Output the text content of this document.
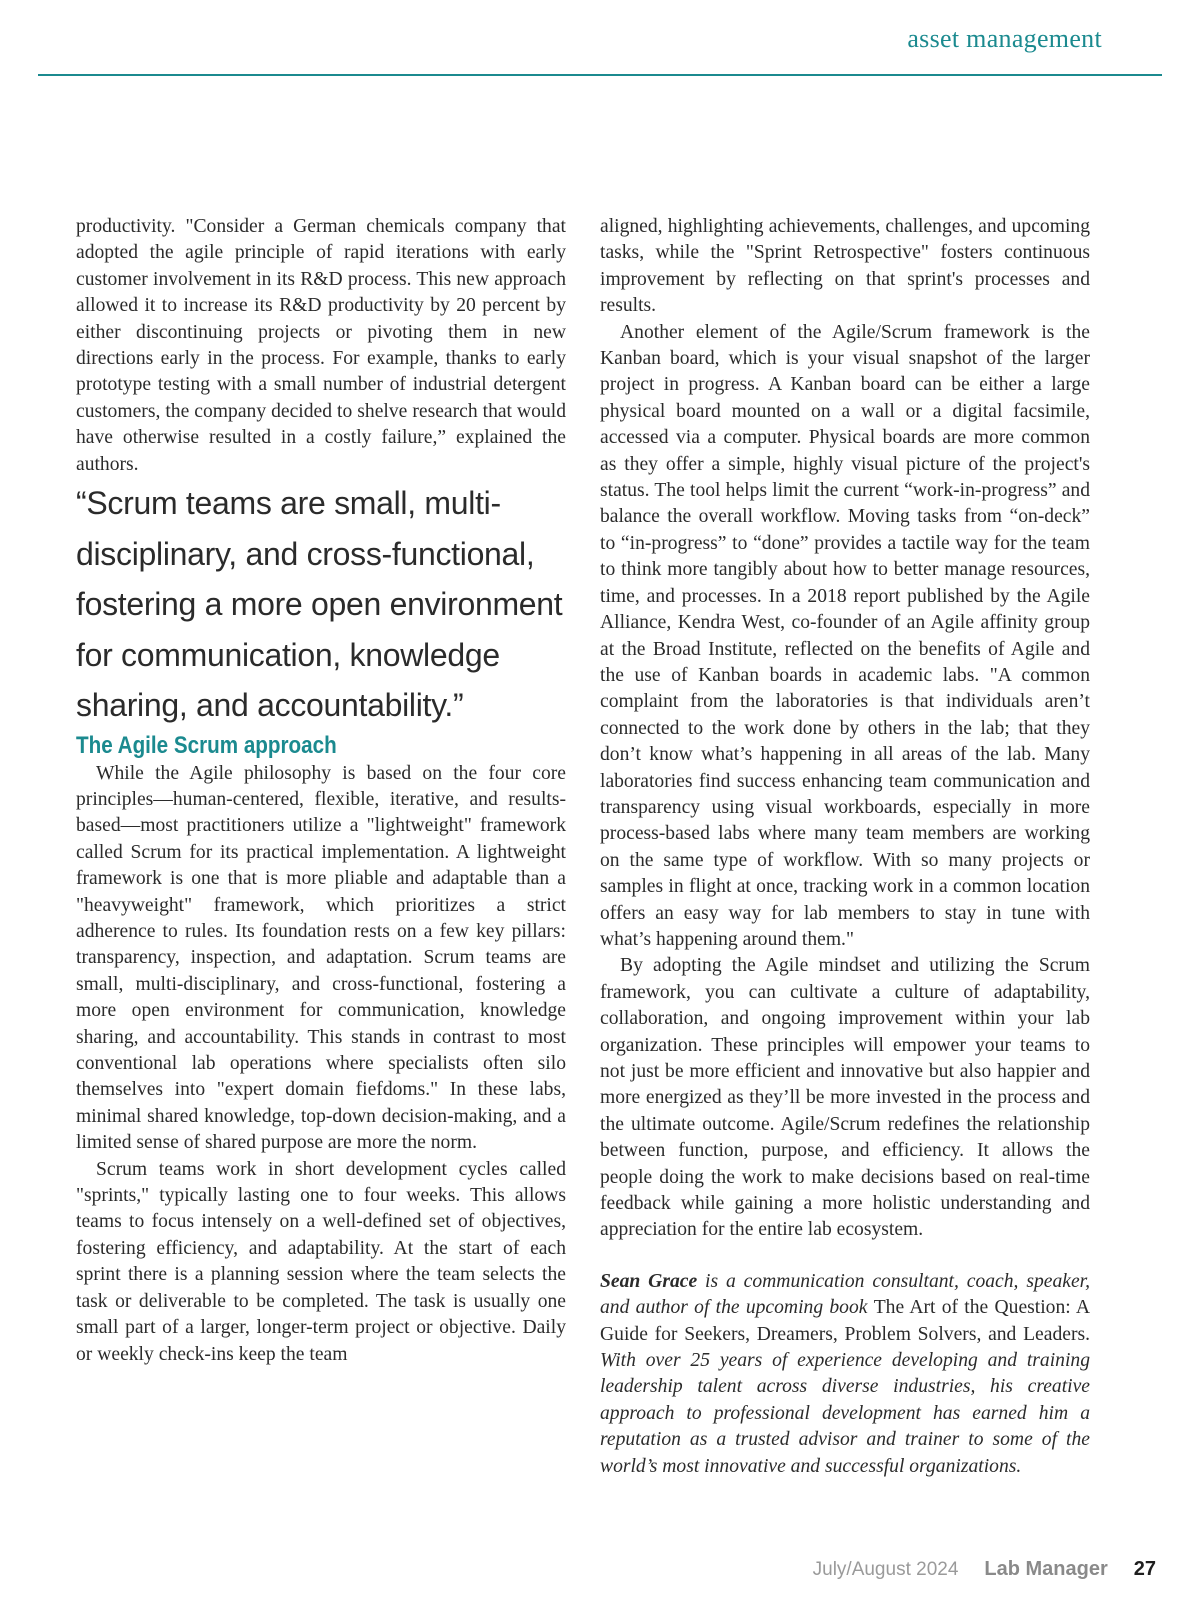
asset management

productivity. "Consider a German chemicals company that adopted the agile principle of rapid iterations with early customer involvement in its R&D process. This new approach allowed it to increase its R&D productivity by 20 percent by either discontinuing projects or pivoting them in new directions early in the process. For example, thanks to early prototype testing with a small number of industrial detergent customers, the company decided to shelve research that would have otherwise resulted in a costly failure,” explained the authors.

“Scrum teams are small, multi-disciplinary, and cross-functional, fostering a more open environment for communication, knowledge sharing, and accountability.”

The Agile Scrum approach

While the Agile philosophy is based on the four core principles—human-centered, flexible, iterative, and results-based—most practitioners utilize a "lightweight" framework called Scrum for its practical implementation. A lightweight framework is one that is more pliable and adaptable than a "heavyweight" framework, which prioritizes a strict adherence to rules. Its foundation rests on a few key pillars: transparency, inspection, and adaptation. Scrum teams are small, multi-disciplinary, and cross-functional, fostering a more open environment for communication, knowledge sharing, and accountability. This stands in contrast to most conventional lab operations where specialists often silo themselves into "expert domain fiefdoms." In these labs, minimal shared knowledge, top-down decision-making, and a limited sense of shared purpose are more the norm.

Scrum teams work in short development cycles called "sprints," typically lasting one to four weeks. This allows teams to focus intensely on a well-defined set of objectives, fostering efficiency, and adaptability. At the start of each sprint there is a planning session where the team selects the task or deliverable to be completed. The task is usually one small part of a larger, longer-term project or objective. Daily or weekly check-ins keep the team

aligned, highlighting achievements, challenges, and upcoming tasks, while the "Sprint Retrospective" fosters continuous improvement by reflecting on that sprint's processes and results.

Another element of the Agile/Scrum framework is the Kanban board, which is your visual snapshot of the larger project in progress. A Kanban board can be either a large physical board mounted on a wall or a digital facsimile, accessed via a computer. Physical boards are more common as they offer a simple, highly visual picture of the project's status. The tool helps limit the current “work-in-progress” and balance the overall workflow. Moving tasks from “on-deck” to “in-progress” to “done” provides a tactile way for the team to think more tangibly about how to better manage resources, time, and processes. In a 2018 report published by the Agile Alliance, Kendra West, co-founder of an Agile affinity group at the Broad Institute, reflected on the benefits of Agile and the use of Kanban boards in academic labs. "A common complaint from the laboratories is that individuals aren’t connected to the work done by others in the lab; that they don’t know what’s happening in all areas of the lab. Many laboratories find success enhancing team communication and transparency using visual workboards, especially in more process-based labs where many team members are working on the same type of workflow. With so many projects or samples in flight at once, tracking work in a common location offers an easy way for lab members to stay in tune with what’s happening around them."

By adopting the Agile mindset and utilizing the Scrum framework, you can cultivate a culture of adaptability, collaboration, and ongoing improvement within your lab organization. These principles will empower your teams to not just be more efficient and innovative but also happier and more energized as they’ll be more invested in the process and the ultimate outcome. Agile/Scrum redefines the relationship between function, purpose, and efficiency. It allows the people doing the work to make decisions based on real-time feedback while gaining a more holistic understanding and appreciation for the entire lab ecosystem.

Sean Grace is a communication consultant, coach, speaker, and author of the upcoming book The Art of the Question: A Guide for Seekers, Dreamers, Problem Solvers, and Leaders. With over 25 years of experience developing and training leadership talent across diverse industries, his creative approach to professional development has earned him a reputation as a trusted advisor and trainer to some of the world’s most innovative and successful organizations.

July/August 2024 Lab Manager 27
